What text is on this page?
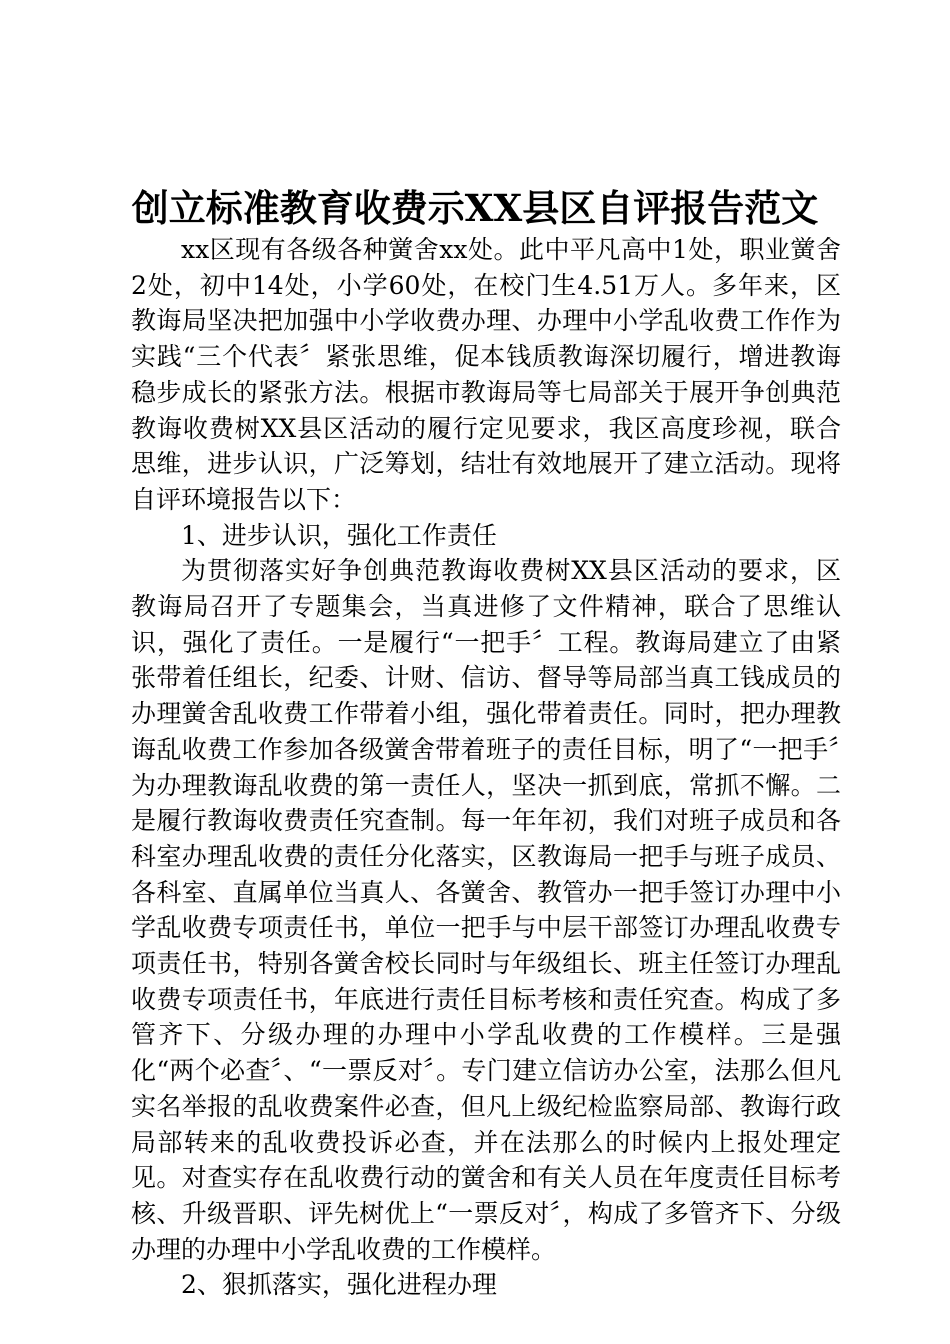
创立标准教育收费示XX县区自评报告范文

xx区现有各级各种黉舍xx处。此中平凡高中1处，职业黉舍2处，初中14处，小学60处，在校门生4.51万人。多年来，区教诲局坚决把加强中小学收费办理、办理中小学乱收费工作作为实践“三个代表〞紧张思维，促本钱质教诲深切履行，增进教诲稳步成长的紧张方法。根据市教诲局等七局部关于展开争创典范教诲收费树XX县区活动的履行定见要求，我区高度珍视，联合思维，进步认识，广泛筹划，结壮有效地展开了建立活动。现将自评环境报告以下：

1、进步认识，强化工作责任

为贯彻落实好争创典范教诲收费树XX县区活动的要求，区教诲局召开了专题集会，当真进修了文件精神，联合了思维认识，强化了责任。一是履行“一把手〞工程。教诲局建立了由紧张带着任组长，纪委、计财、信访、督导等局部当真工钱成员的办理黉舍乱收费工作带着小组，强化带着责任。同时，把办理教诲乱收费工作参加各级黉舍带着班子的责任目标，明了“一把手〞为办理教诲乱收费的第一责任人，坚决一抓到底，常抓不懈。二是履行教诲收费责任究查制。每一年年初，我们对班子成员和各科室办理乱收费的责任分化落实，区教诲局一把手与班子成员、各科室、直属单位当真人、各黉舍、教管办一把手签订办理中小学乱收费专项责任书，单位一把手与中层干部签订办理乱收费专项责任书，特别各黉舍校长同时与年级组长、班主任签订办理乱收费专项责任书，年底进行责任目标考核和责任究查。构成了多管齐下、分级办理的办理中小学乱收费的工作模样。三是强化“两个必查〞、“一票反对〞。专门建立信访办公室，法那么但凡实名举报的乱收费案件必查，但凡上级纪检监察局部、教诲行政局部转来的乱收费投诉必查，并在法那么的时候内上报处理定见。对查实存在乱收费行动的黉舍和有关人员在年度责任目标考核、升级晋职、评先树优上“一票反对〞，构成了多管齐下、分级办理的办理中小学乱收费的工作模样。

2、狠抓落实，强化进程办理
